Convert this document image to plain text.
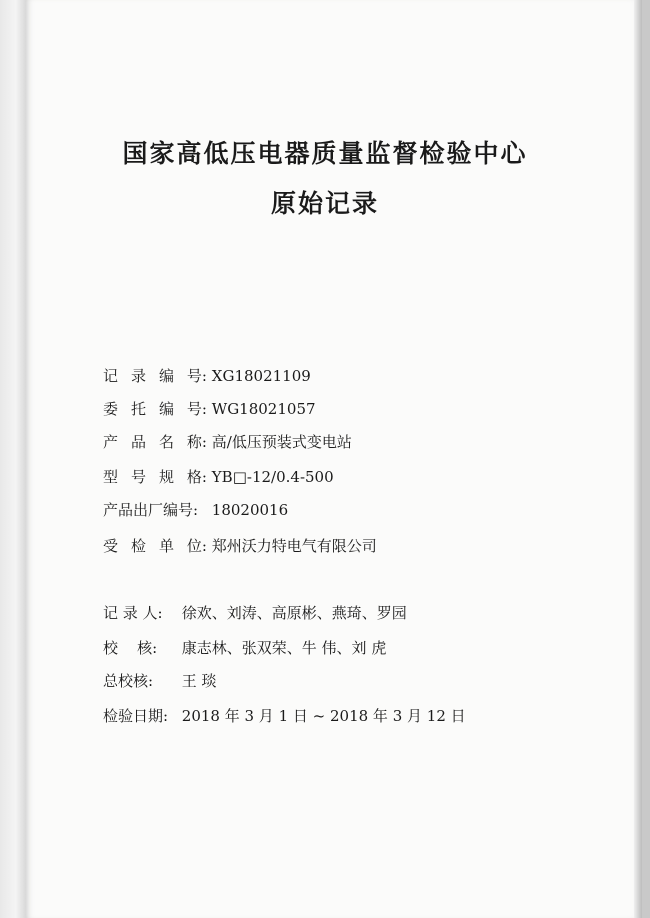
国家高低压电器质量监督检验中心
原始记录
记 录 编 号: XG18021109
委 托 编 号: WG18021057
产 品 名 称: 高/低压预装式变电站
型 号 规 格: YB□-12/0.4-500
产品出厂编号: 18020016
受 检 单 位: 郑州沃力特电气有限公司
记 录 人: 徐欢、刘涛、高原彬、燕琦、罗园
校    核: 康志林、张双荣、牛 伟、刘 虎
总校核: 王 琰
检验日期: 2018 年 3 月 1 日 ~ 2018 年 3 月 12 日
